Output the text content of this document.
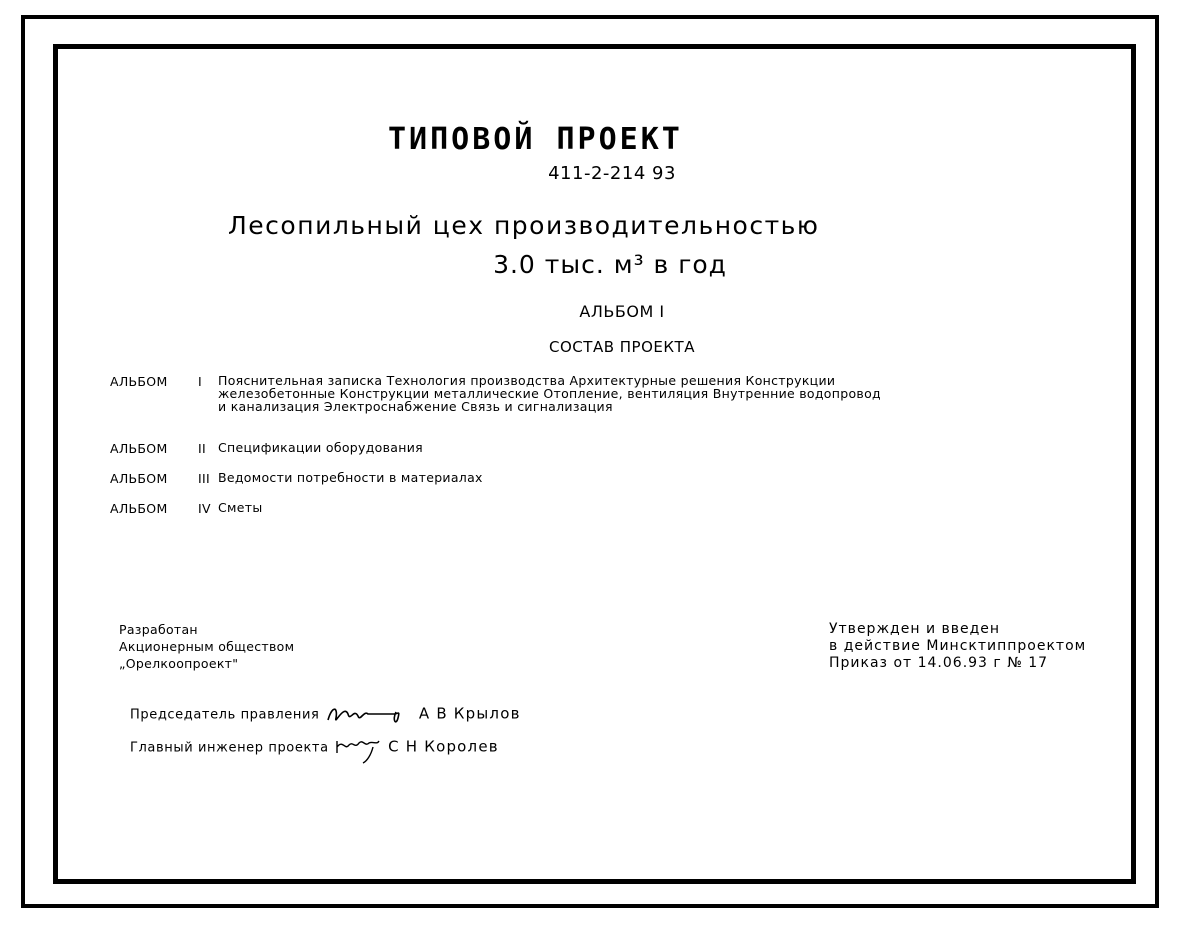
ТИПОВОЙ ПРОЕКТ
411-2-214 93
Лесопильный цех производительностью
3.0 тыс. м³ в год
АЛЬБОМ I
СОСТАВ ПРОЕКТА
АЛЬБОМ I Пояснительная записка Технология производства Архитектурные решения Конструкции
железобетонные Конструкции металлические Отопление, вентиляция Внутренние водопровод
и канализация Электроснабжение Связь и сигнализация
АЛЬБОМ II Спецификации оборудования
АЛЬБОМ III Ведомости потребности в материалах
АЛЬБОМ IV Сметы
Разработан
Акционерным обществом
„Орелкоопроект"
Утвержден и введен
в действие Минсктиппроектом
Приказ от 14.06.93 г № 17
Председатель правления	А В Крылов
Главный инженер проекта	С Н Королев
